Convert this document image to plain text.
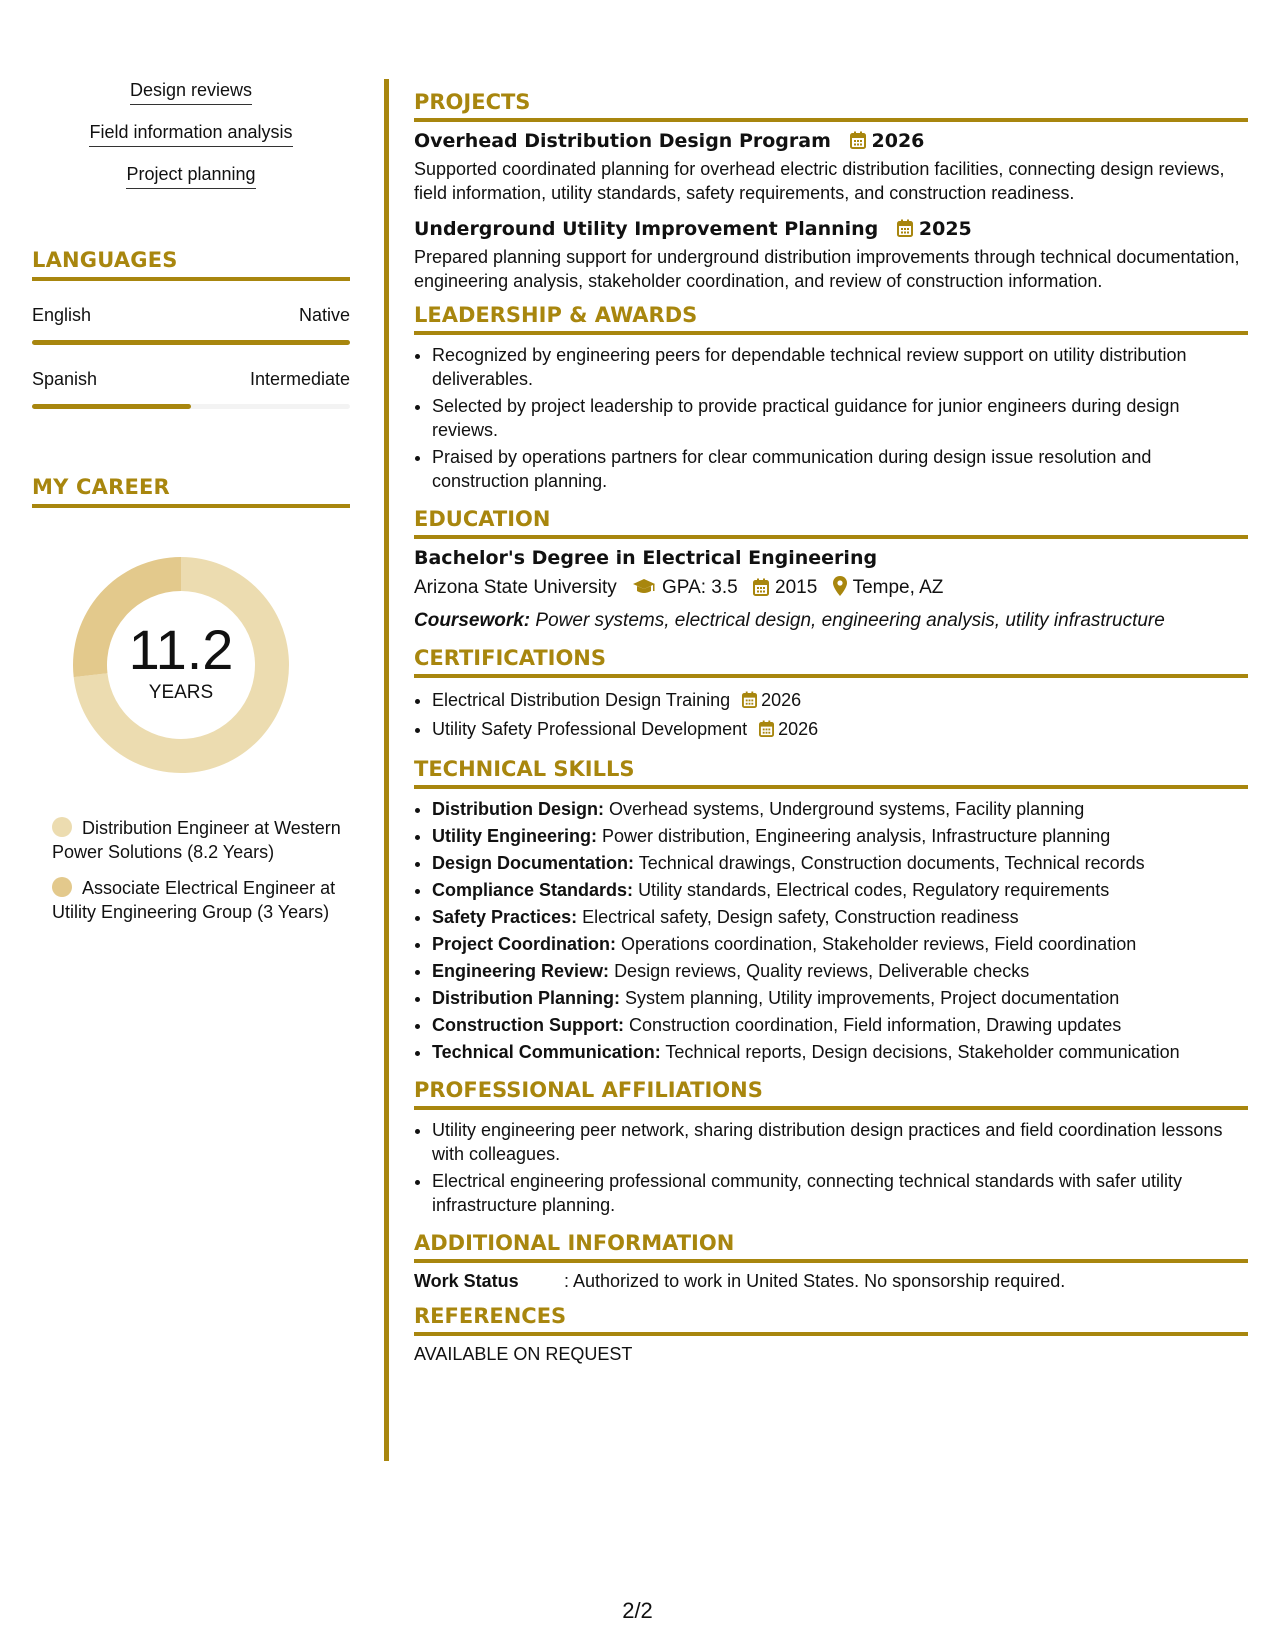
Design reviews
Field information analysis
Project planning
LANGUAGES
English	Native
Spanish	Intermediate
MY CAREER
11.2
YEARS
Distribution Engineer at Western Power Solutions (8.2 Years)
Associate Electrical Engineer at Utility Engineering Group (3 Years)
PROJECTS
Overhead Distribution Design Program 2026
Supported coordinated planning for overhead electric distribution facilities, connecting design reviews, field information, utility standards, safety requirements, and construction readiness.
Underground Utility Improvement Planning 2025
Prepared planning support for underground distribution improvements through technical documentation, engineering analysis, stakeholder coordination, and review of construction information.
LEADERSHIP & AWARDS
• Recognized by engineering peers for dependable technical review support on utility distribution deliverables.
• Selected by project leadership to provide practical guidance for junior engineers during design reviews.
• Praised by operations partners for clear communication during design issue resolution and construction planning.
EDUCATION
Bachelor's Degree in Electrical Engineering
Arizona State University GPA: 3.5 2015 Tempe, AZ
Coursework: Power systems, electrical design, engineering analysis, utility infrastructure
CERTIFICATIONS
• Electrical Distribution Design Training 2026
• Utility Safety Professional Development 2026
TECHNICAL SKILLS
• Distribution Design: Overhead systems, Underground systems, Facility planning
• Utility Engineering: Power distribution, Engineering analysis, Infrastructure planning
• Design Documentation: Technical drawings, Construction documents, Technical records
• Compliance Standards: Utility standards, Electrical codes, Regulatory requirements
• Safety Practices: Electrical safety, Design safety, Construction readiness
• Project Coordination: Operations coordination, Stakeholder reviews, Field coordination
• Engineering Review: Design reviews, Quality reviews, Deliverable checks
• Distribution Planning: System planning, Utility improvements, Project documentation
• Construction Support: Construction coordination, Field information, Drawing updates
• Technical Communication: Technical reports, Design decisions, Stakeholder communication
PROFESSIONAL AFFILIATIONS
• Utility engineering peer network, sharing distribution design practices and field coordination lessons with colleagues.
• Electrical engineering professional community, connecting technical standards with safer utility infrastructure planning.
ADDITIONAL INFORMATION
Work Status	: Authorized to work in United States. No sponsorship required.
REFERENCES
AVAILABLE ON REQUEST
2/2
